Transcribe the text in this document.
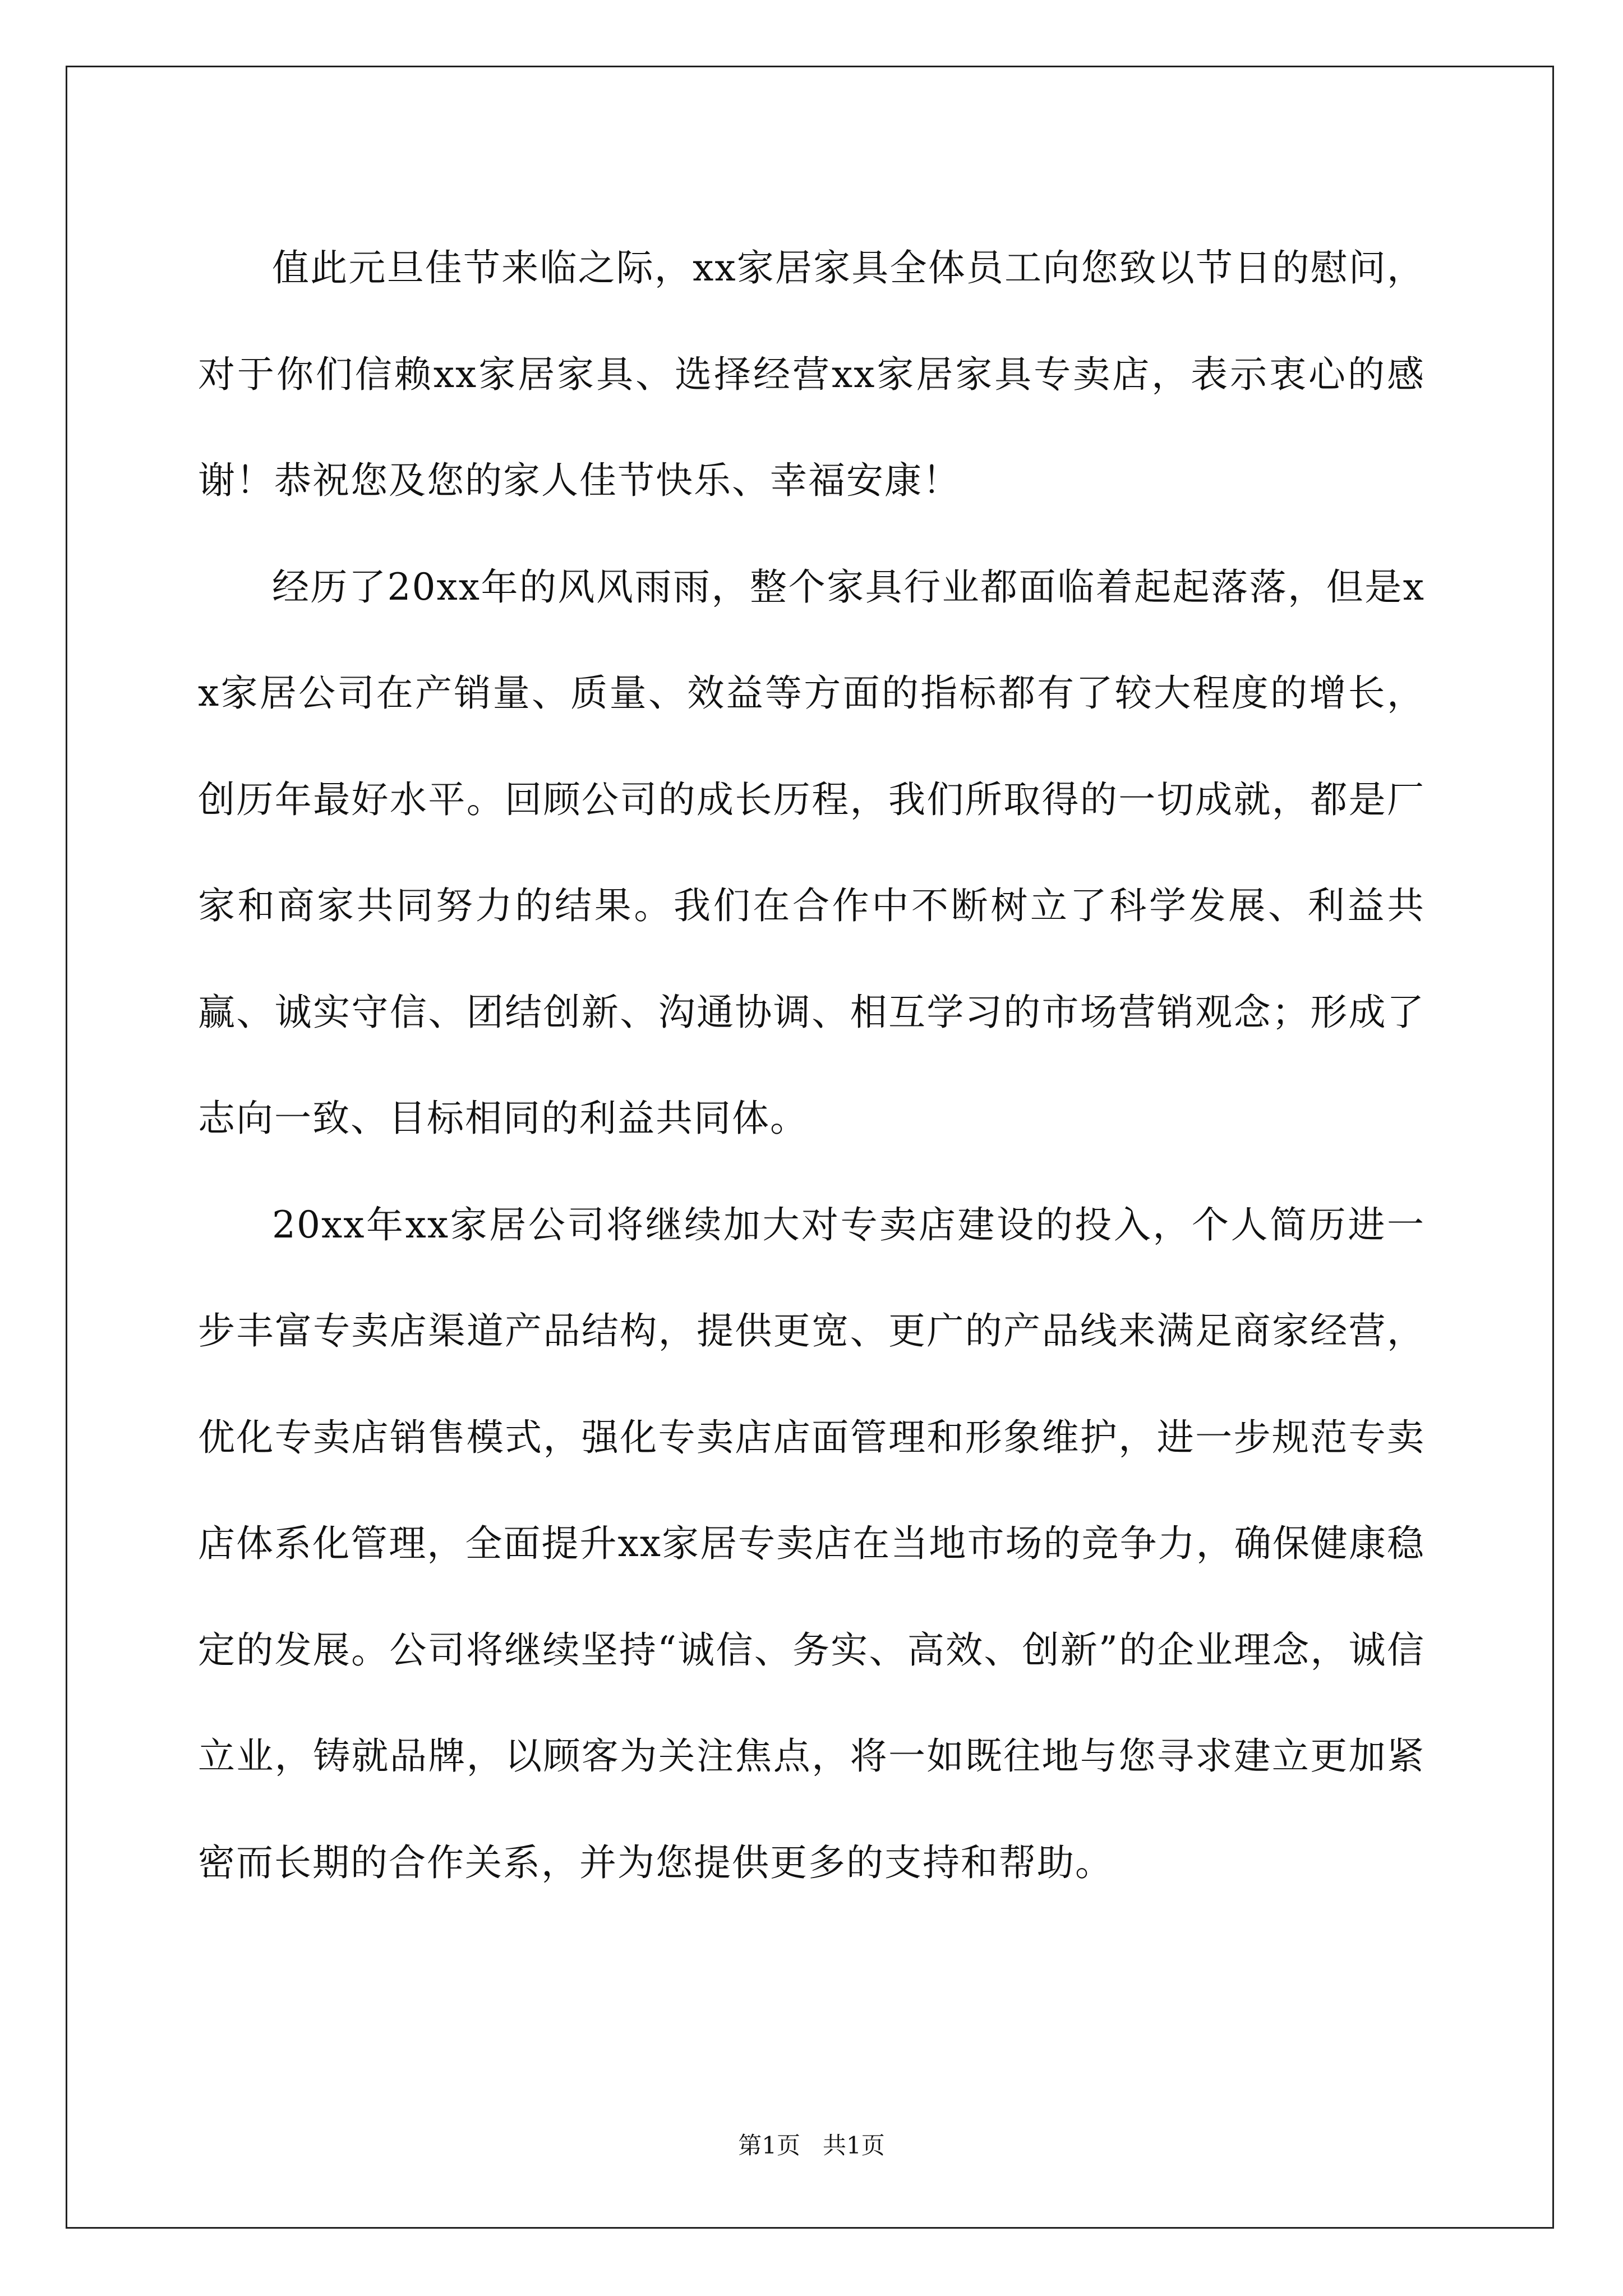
值此元旦佳节来临之际，xx家居家具全体员工向您致以节日的慰问，对于你们信赖xx家居家具、选择经营xx家居家具专卖店，表示衷心的感谢！恭祝您及您的家人佳节快乐、幸福安康！

经历了20xx年的风风雨雨，整个家具行业都面临着起起落落，但是xx家居公司在产销量、质量、效益等方面的指标都有了较大程度的增长，创历年最好水平。回顾公司的成长历程，我们所取得的一切成就，都是厂家和商家共同努力的结果。我们在合作中不断树立了科学发展、利益共赢、诚实守信、团结创新、沟通协调、相互学习的市场营销观念；形成了志向一致、目标相同的利益共同体。

20xx年xx家居公司将继续加大对专卖店建设的投入，个人简历进一步丰富专卖店渠道产品结构，提供更宽、更广的产品线来满足商家经营，优化专卖店销售模式，强化专卖店店面管理和形象维护，进一步规范专卖店体系化管理，全面提升xx家居专卖店在当地市场的竞争力，确保健康稳定的发展。公司将继续坚持“诚信、务实、高效、创新”的企业理念，诚信立业，铸就品牌，以顾客为关注焦点，将一如既往地与您寻求建立更加紧密而长期的合作关系，并为您提供更多的支持和帮助。

第1页   共1页
